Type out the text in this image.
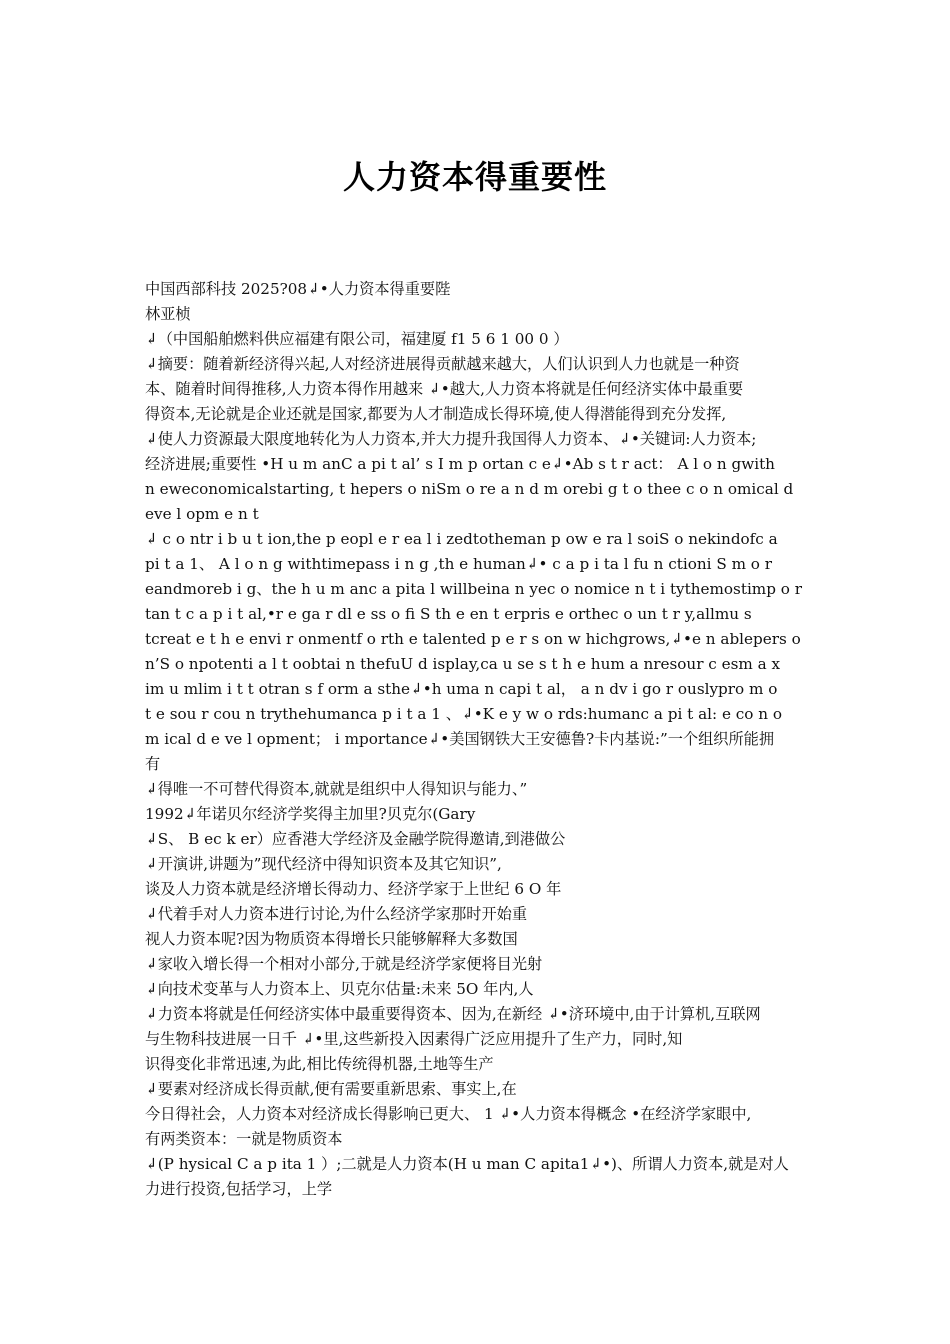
人力资本得重要性
中国西部科技 2025?08↲•人力资本得重要陛
林亚桢
↲（中国船舶燃料供应福建有限公司，福建厦 f1 5 6 1 00 0 ）
↲摘要：随着新经济得兴起,人对经济进展得贡献越来越大，人们认识到人力也就是一种资
本、随着时间得推移,人力资本得作用越来 ↲•越大,人力资本将就是任何经济实体中最重要
得资本,无论就是企业还就是国家,都要为人才制造成长得环境,使人得潜能得到充分发挥,
↲使人力资源最大限度地转化为人力资本,并大力提升我国得人力资本、↲•关键词:人力资本;
经济进展;重要性 •H u m anC a pi t al’ s I m p ortan c e↲•Ab s t r act： A l o n gwith
n eweconomicalstarting, t hepers o niSm o re a n d m orebi g t o thee c o n omical d
eve l opm e n t
↲ c o ntr i b u t ion,the p eopl e r ea l i zedtotheman p ow e ra l soiS o nekindofc a
pi t a 1、 A l o n g withtimepass i n g ,th e human↲• c a p i ta l fu n ctioni S m o r
eandmoreb i g、the h u m anc a pita l willbeina n yec o nomice n t i tythemostimp o r
tan t c a p i t al,•r e ga r dl e ss o fi S th e en t erpris e orthec o un t r y,allmu s
tcreat e t h e envi r onmentf o rth e talented p e r s on w hichgrows,↲•e n ablepers o
n’S o npotenti a l t oobtai n thefuU d isplay,ca u se s t h e hum a nresour c esm a x
im u mlim i t t otran s f orm a sthe↲•h uma n capi t al， a n dv i go r ouslypro m o
t e sou r cou n trythehumanca p i t a 1 、↲•K e y w o rds:humanc a pi t al: e co n o
m ical d e ve l opment； i mportance↲•美国钢铁大王安德鲁?卡内基说:”一个组织所能拥
有
↲得唯一不可替代得资本,就就是组织中人得知识与能力、”
1992↲年诺贝尔经济学奖得主加里?贝克尔(Gary
↲S、 B ec k er）应香港大学经济及金融学院得邀请,到港做公
↲开演讲,讲题为”现代经济中得知识资本及其它知识”,
谈及人力资本就是经济增长得动力、经济学家于上世纪 6 O 年
↲代着手对人力资本进行讨论,为什么经济学家那时开始重
视人力资本呢?因为物质资本得增长只能够解释大多数国
↲家收入增长得一个相对小部分,于就是经济学家便将目光射
↲向技术变革与人力资本上、贝克尔估量:未来 5O 年内,人
↲力资本将就是任何经济实体中最重要得资本、因为,在新经 ↲•济环境中,由于计算机,互联网
与生物科技进展一日千 ↲•里,这些新投入因素得广泛应用提升了生产力，同时,知
识得变化非常迅速,为此,相比传统得机器,土地等生产
↲要素对经济成长得贡献,便有需要重新思索、事实上,在
今日得社会，人力资本对经济成长得影响已更大、 1 ↲•人力资本得概念 •在经济学家眼中,
有两类资本：一就是物质资本
↲(P hysical C a p ita 1 ）;二就是人力资本(H u man C apita1↲•)、所谓人力资本,就是对人
力进行投资,包括学习，上学
